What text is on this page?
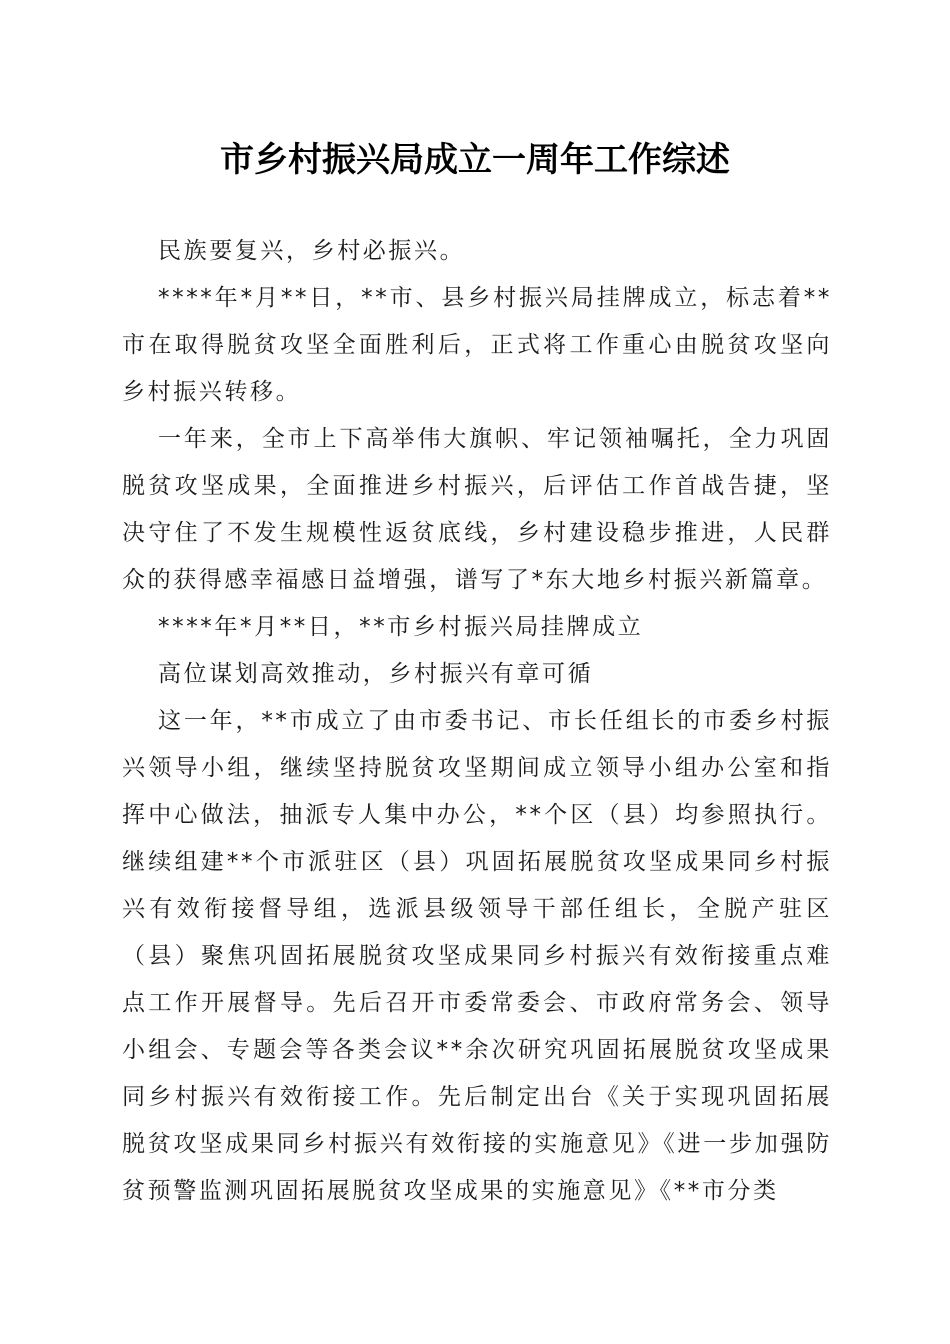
市乡村振兴局成立一周年工作综述

民族要复兴，乡村必振兴。

****年*月**日，**市、县乡村振兴局挂牌成立，标志着**市在取得脱贫攻坚全面胜利后，正式将工作重心由脱贫攻坚向乡村振兴转移。

一年来，全市上下高举伟大旗帜、牢记领袖嘱托，全力巩固脱贫攻坚成果，全面推进乡村振兴，后评估工作首战告捷，坚决守住了不发生规模性返贫底线，乡村建设稳步推进，人民群众的获得感幸福感日益增强，谱写了*东大地乡村振兴新篇章。

****年*月**日，**市乡村振兴局挂牌成立

高位谋划高效推动，乡村振兴有章可循

这一年，**市成立了由市委书记、市长任组长的市委乡村振兴领导小组，继续坚持脱贫攻坚期间成立领导小组办公室和指挥中心做法，抽派专人集中办公，**个区（县）均参照执行。继续组建**个市派驻区（县）巩固拓展脱贫攻坚成果同乡村振兴有效衔接督导组，选派县级领导干部任组长，全脱产驻区（县）聚焦巩固拓展脱贫攻坚成果同乡村振兴有效衔接重点难点工作开展督导。先后召开市委常委会、市政府常务会、领导小组会、专题会等各类会议**余次研究巩固拓展脱贫攻坚成果同乡村振兴有效衔接工作。先后制定出台《关于实现巩固拓展脱贫攻坚成果同乡村振兴有效衔接的实施意见》《进一步加强防贫预警监测巩固拓展脱贫攻坚成果的实施意见》《**市分类
